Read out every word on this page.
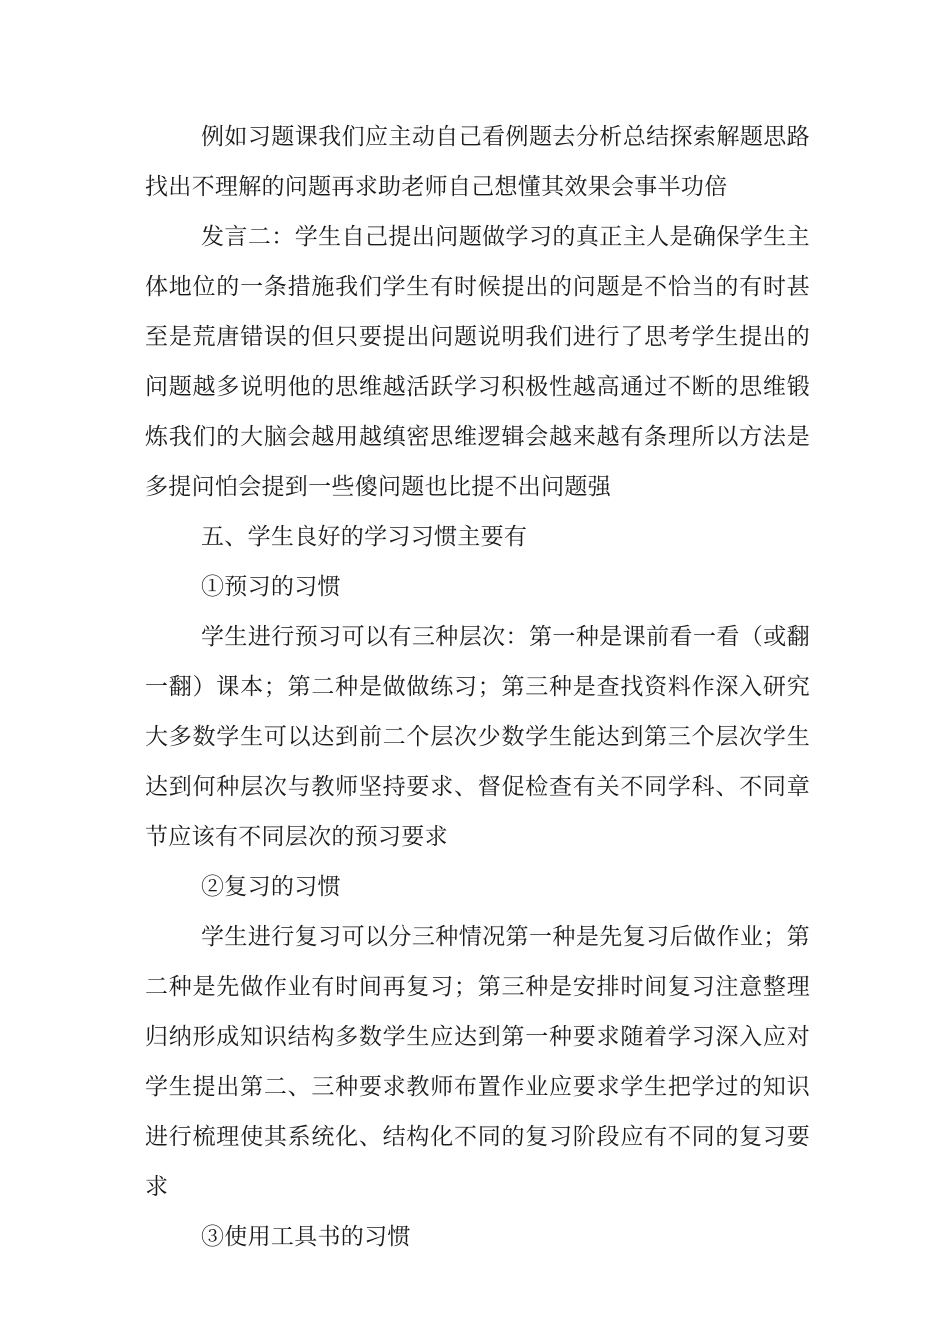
例如习题课我们应主动自己看例题去分析总结探索解题思路找出不理解的问题再求助老师自己想懂其效果会事半功倍

发言二：学生自己提出问题做学习的真正主人是确保学生主体地位的一条措施我们学生有时候提出的问题是不恰当的有时甚至是荒唐错误的但只要提出问题说明我们进行了思考学生提出的问题越多说明他的思维越活跃学习积极性越高通过不断的思维锻炼我们的大脑会越用越缜密思维逻辑会越来越有条理所以方法是多提问怕会提到一些傻问题也比提不出问题强

五、学生良好的学习习惯主要有

①预习的习惯

学生进行预习可以有三种层次：第一种是课前看一看（或翻一翻）课本；第二种是做做练习；第三种是查找资料作深入研究大多数学生可以达到前二个层次少数学生能达到第三个层次学生达到何种层次与教师坚持要求、督促检查有关不同学科、不同章节应该有不同层次的预习要求

②复习的习惯

学生进行复习可以分三种情况第一种是先复习后做作业；第二种是先做作业有时间再复习；第三种是安排时间复习注意整理归纳形成知识结构多数学生应达到第一种要求随着学习深入应对学生提出第二、三种要求教师布置作业应要求学生把学过的知识进行梳理使其系统化、结构化不同的复习阶段应有不同的复习要求

③使用工具书的习惯
